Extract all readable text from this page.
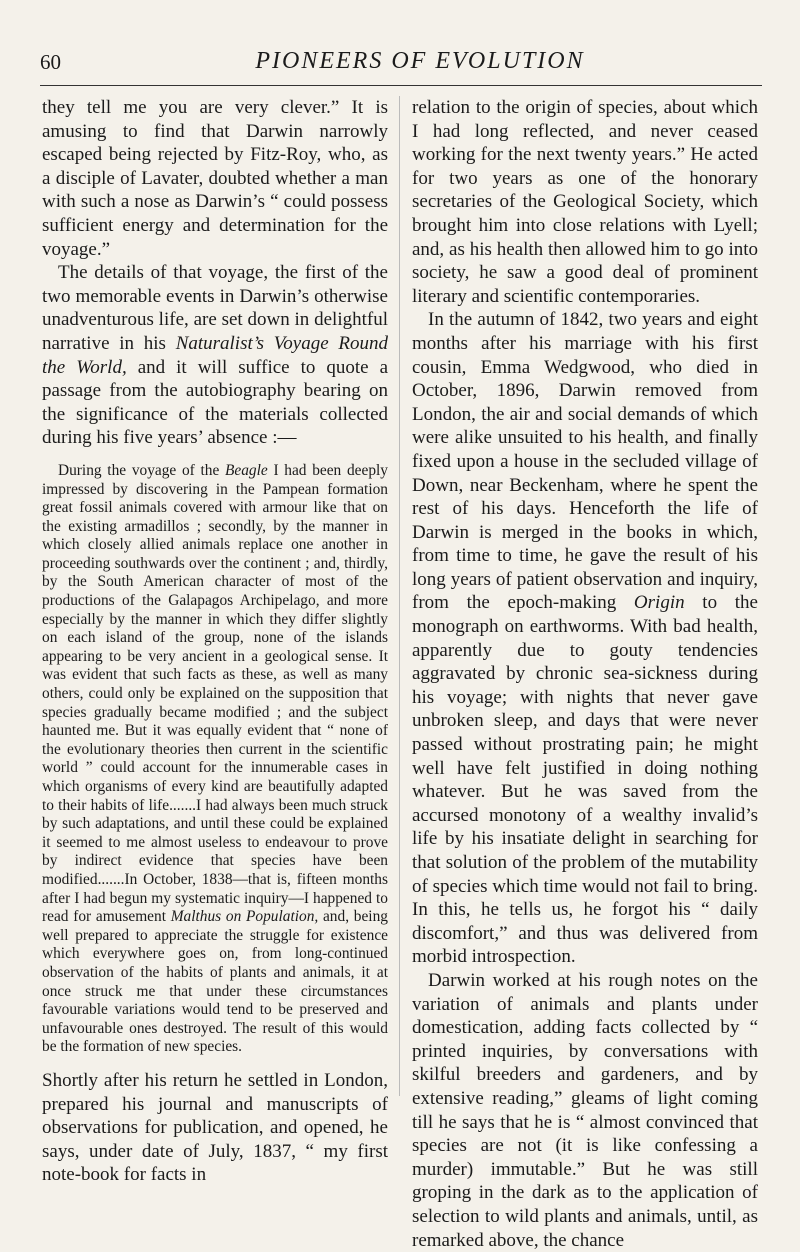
60	PIONEERS OF EVOLUTION

they tell me you are very clever.” It is amusing to find that Darwin narrowly escaped being rejected by Fitz-Roy, who, as a disciple of Lavater, doubted whether a man with such a nose as Darwin’s “ could possess sufficient energy and determination for the voyage.”

The details of that voyage, the first of the two memorable events in Darwin’s otherwise unadventurous life, are set down in delightful narrative in his Naturalist’s Voyage Round the World, and it will suffice to quote a passage from the autobiography bearing on the significance of the materials collected during his five years’ absence :—

During the voyage of the Beagle I had been deeply impressed by discovering in the Pampean formation great fossil animals covered with armour like that on the existing armadillos ; secondly, by the manner in which closely allied animals replace one another in proceeding southwards over the continent ; and, thirdly, by the South American character of most of the productions of the Galapagos Archipelago, and more especially by the manner in which they differ slightly on each island of the group, none of the islands appearing to be very ancient in a geological sense. It was evident that such facts as these, as well as many others, could only be explained on the supposition that species gradually became modified ; and the subject haunted me. But it was equally evident that “ none of the evolutionary theories then current in the scientific world ” could account for the innumerable cases in which organisms of every kind are beautifully adapted to their habits of life.......I had always been much struck by such adaptations, and until these could be explained it seemed to me almost useless to endeavour to prove by indirect evidence that species have been modified.......In October, 1838—that is, fifteen months after I had begun my systematic inquiry—I happened to read for amusement Malthus on Population, and, being well prepared to appreciate the struggle for existence which everywhere goes on, from long-continued observation of the habits of plants and animals, it at once struck me that under these circumstances favourable variations would tend to be preserved and unfavourable ones destroyed. The result of this would be the formation of new species.

Shortly after his return he settled in London, prepared his journal and manuscripts of observations for publication, and opened, he says, under date of July, 1837, “ my first note-book for facts in

relation to the origin of species, about which I had long reflected, and never ceased working for the next twenty years.” He acted for two years as one of the honorary secretaries of the Geological Society, which brought him into close relations with Lyell; and, as his health then allowed him to go into society, he saw a good deal of prominent literary and scientific contemporaries.

In the autumn of 1842, two years and eight months after his marriage with his first cousin, Emma Wedgwood, who died in October, 1896, Darwin removed from London, the air and social demands of which were alike unsuited to his health, and finally fixed upon a house in the secluded village of Down, near Beckenham, where he spent the rest of his days. Henceforth the life of Darwin is merged in the books in which, from time to time, he gave the result of his long years of patient observation and inquiry, from the epoch-making Origin to the monograph on earthworms. With bad health, apparently due to gouty tendencies aggravated by chronic sea-sickness during his voyage; with nights that never gave unbroken sleep, and days that were never passed without prostrating pain; he might well have felt justified in doing nothing whatever. But he was saved from the accursed monotony of a wealthy invalid’s life by his insatiate delight in searching for that solution of the problem of the mutability of species which time would not fail to bring. In this, he tells us, he forgot his “ daily discomfort,” and thus was delivered from morbid introspection.

Darwin worked at his rough notes on the variation of animals and plants under domestication, adding facts collected by “ printed inquiries, by conversations with skilful breeders and gardeners, and by extensive reading,” gleams of light coming till he says that he is “ almost convinced that species are not (it is like confessing a murder) immutable.” But he was still groping in the dark as to the application of selection to wild plants and animals, until, as remarked above, the chance
